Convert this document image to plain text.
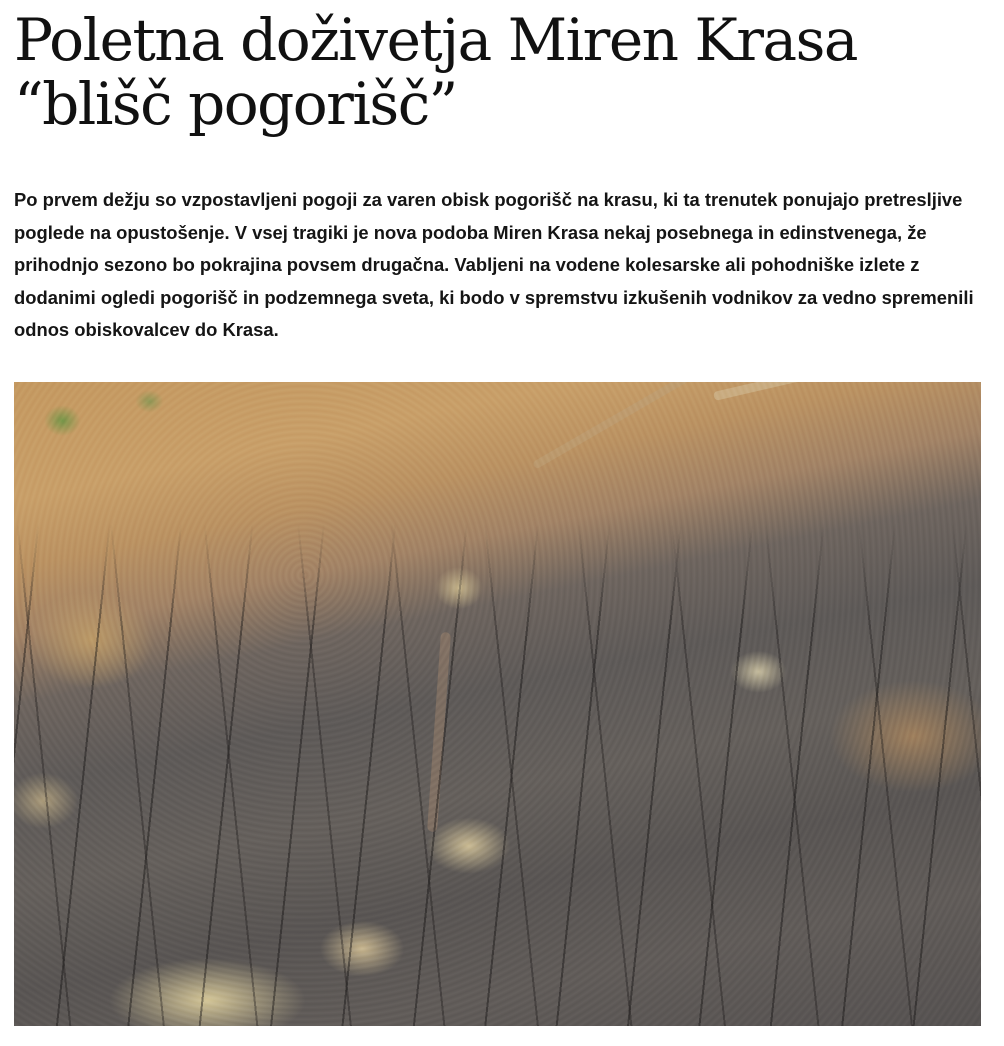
Poletna doživetja Miren Krasa
“blišč pogorišč”

Po prvem dežju so vzpostavljeni pogoji za varen obisk pogorišč na krasu, ki ta trenutek ponujajo pretresljive poglede na opustošenje. V vsej tragiki je nova podoba Miren Krasa nekaj posebnega in edinstvenega, že prihodnjo sezono bo pokrajina povsem drugačna. Vabljeni na vodene kolesarske ali pohodniške izlete z dodanimi ogledi pogorišč in podzemnega sveta, ki bodo v spremstvu izkušenih vodnikov za vedno spremenili odnos obiskovalcev do Krasa.
